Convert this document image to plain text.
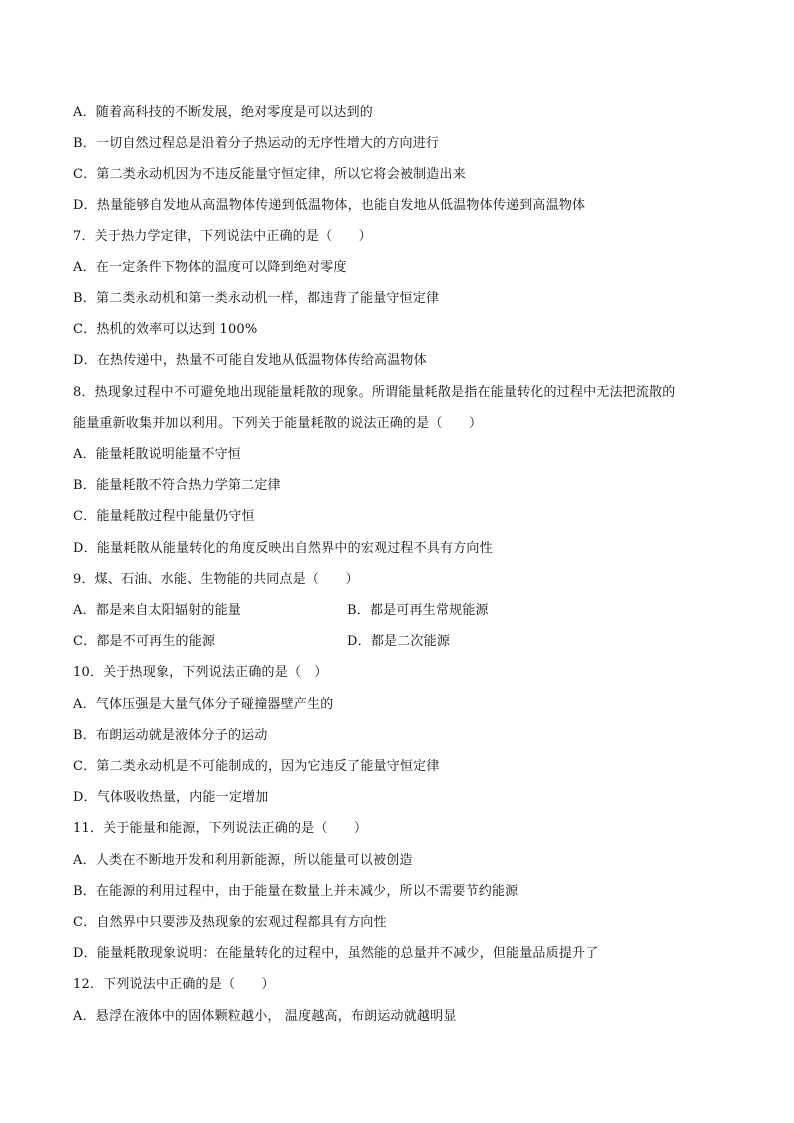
A．随着高科技的不断发展，绝对零度是可以达到的
B．一切自然过程总是沿着分子热运动的无序性增大的方向进行
C．第二类永动机因为不违反能量守恒定律，所以它将会被制造出来
D．热量能够自发地从高温物体传递到低温物体，也能自发地从低温物体传递到高温物体
7．关于热力学定律，下列说法中正确的是（　　）
A．在一定条件下物体的温度可以降到绝对零度
B．第二类永动机和第一类永动机一样，都违背了能量守恒定律
C．热机的效率可以达到 100%
D．在热传递中，热量不可能自发地从低温物体传给高温物体
8．热现象过程中不可避免地出现能量耗散的现象。所谓能量耗散是指在能量转化的过程中无法把流散的
能量重新收集并加以利用。下列关于能量耗散的说法正确的是（　　）
A．能量耗散说明能量不守恒
B．能量耗散不符合热力学第二定律
C．能量耗散过程中能量仍守恒
D．能量耗散从能量转化的角度反映出自然界中的宏观过程不具有方向性
9．煤、石油、水能、生物能的共同点是（　　）
A．都是来自太阳辐射的能量	B．都是可再生常规能源
C．都是不可再生的能源	D．都是二次能源
10．关于热现象，下列说法正确的是（　）
A．气体压强是大量气体分子碰撞器壁产生的
B．布朗运动就是液体分子的运动
C．第二类永动机是不可能制成的，因为它违反了能量守恒定律
D．气体吸收热量，内能一定增加
11．关于能量和能源，下列说法正确的是（　　）
A．人类在不断地开发和利用新能源，所以能量可以被创造
B．在能源的利用过程中，由于能量在数量上并未减少，所以不需要节约能源
C．自然界中只要涉及热现象的宏观过程都具有方向性
D．能量耗散现象说明：在能量转化的过程中，虽然能的总量并不减少，但能量品质提升了
12．下列说法中正确的是（　　）
A．悬浮在液体中的固体颗粒越小， 温度越高，布朗运动就越明显
